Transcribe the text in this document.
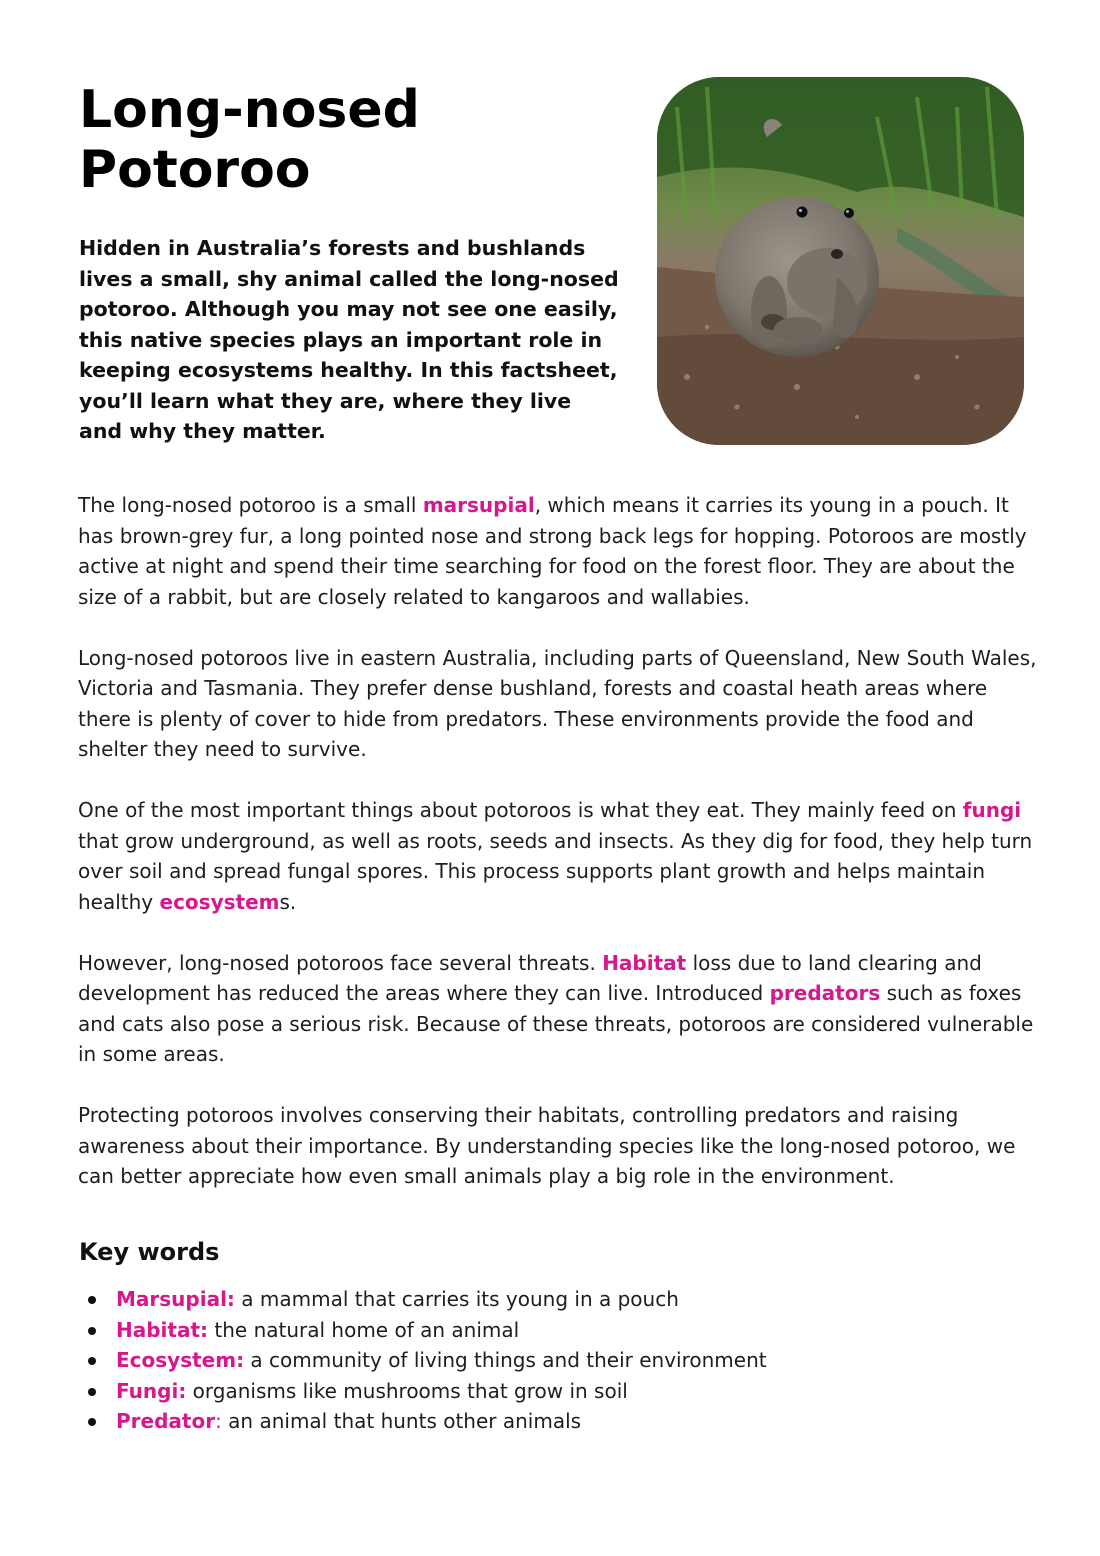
Long-nosed Potoroo

Hidden in Australia’s forests and bushlands lives a small, shy animal called the long-nosed potoroo. Although you may not see one easily, this native species plays an important role in keeping ecosystems healthy. In this factsheet, you’ll learn what they are, where they live and why they matter.

The long-nosed potoroo is a small marsupial, which means it carries its young in a pouch. It has brown-grey fur, a long pointed nose and strong back legs for hopping. Potoroos are mostly active at night and spend their time searching for food on the forest floor. They are about the size of a rabbit, but are closely related to kangaroos and wallabies.

Long-nosed potoroos live in eastern Australia, including parts of Queensland, New South Wales, Victoria and Tasmania. They prefer dense bushland, forests and coastal heath areas where there is plenty of cover to hide from predators. These environments provide the food and shelter they need to survive.

One of the most important things about potoroos is what they eat. They mainly feed on fungi that grow underground, as well as roots, seeds and insects. As they dig for food, they help turn over soil and spread fungal spores. This process supports plant growth and helps maintain healthy ecosystems.

However, long-nosed potoroos face several threats. Habitat loss due to land clearing and development has reduced the areas where they can live. Introduced predators such as foxes and cats also pose a serious risk. Because of these threats, potoroos are considered vulnerable in some areas.

Protecting potoroos involves conserving their habitats, controlling predators and raising awareness about their importance. By understanding species like the long-nosed potoroo, we can better appreciate how even small animals play a big role in the environment.

Key words
Marsupial: a mammal that carries its young in a pouch
Habitat: the natural home of an animal
Ecosystem: a community of living things and their environment
Fungi: organisms like mushrooms that grow in soil
Predator: an animal that hunts other animals
